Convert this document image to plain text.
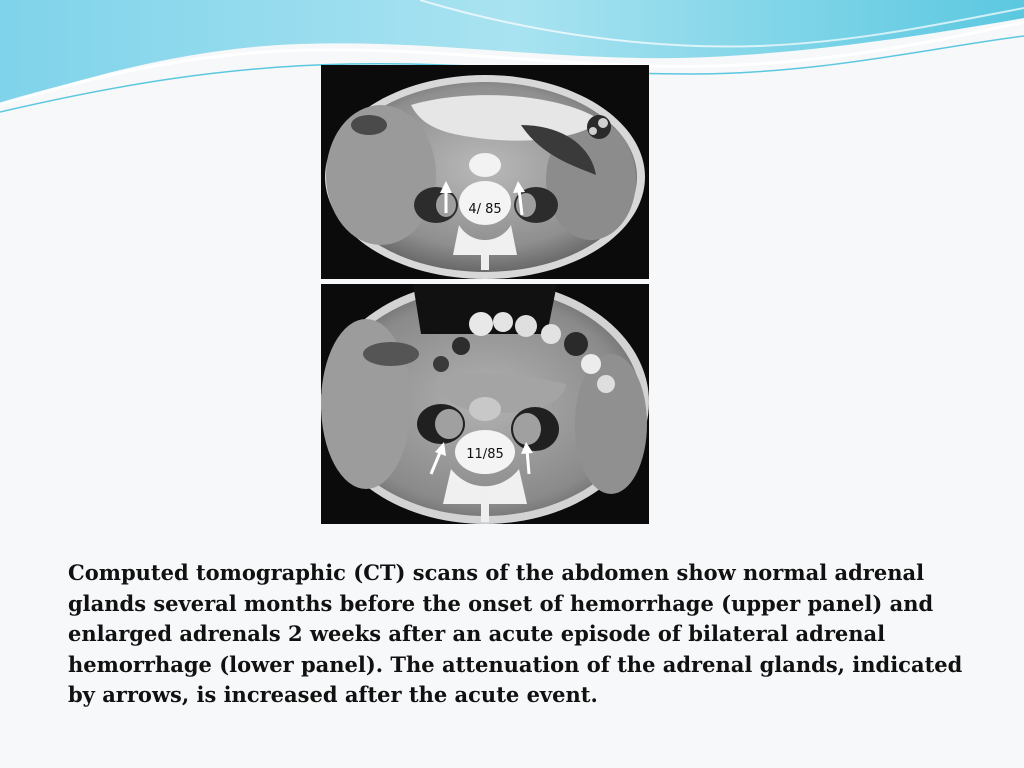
4/ 85
11/85

Computed tomographic (CT) scans of the abdomen show normal adrenal glands several months before the onset of hemorrhage (upper panel) and enlarged adrenals 2 weeks after an acute episode of bilateral adrenal hemorrhage (lower panel). The attenuation of the adrenal glands, indicated by arrows, is increased after the acute event.
